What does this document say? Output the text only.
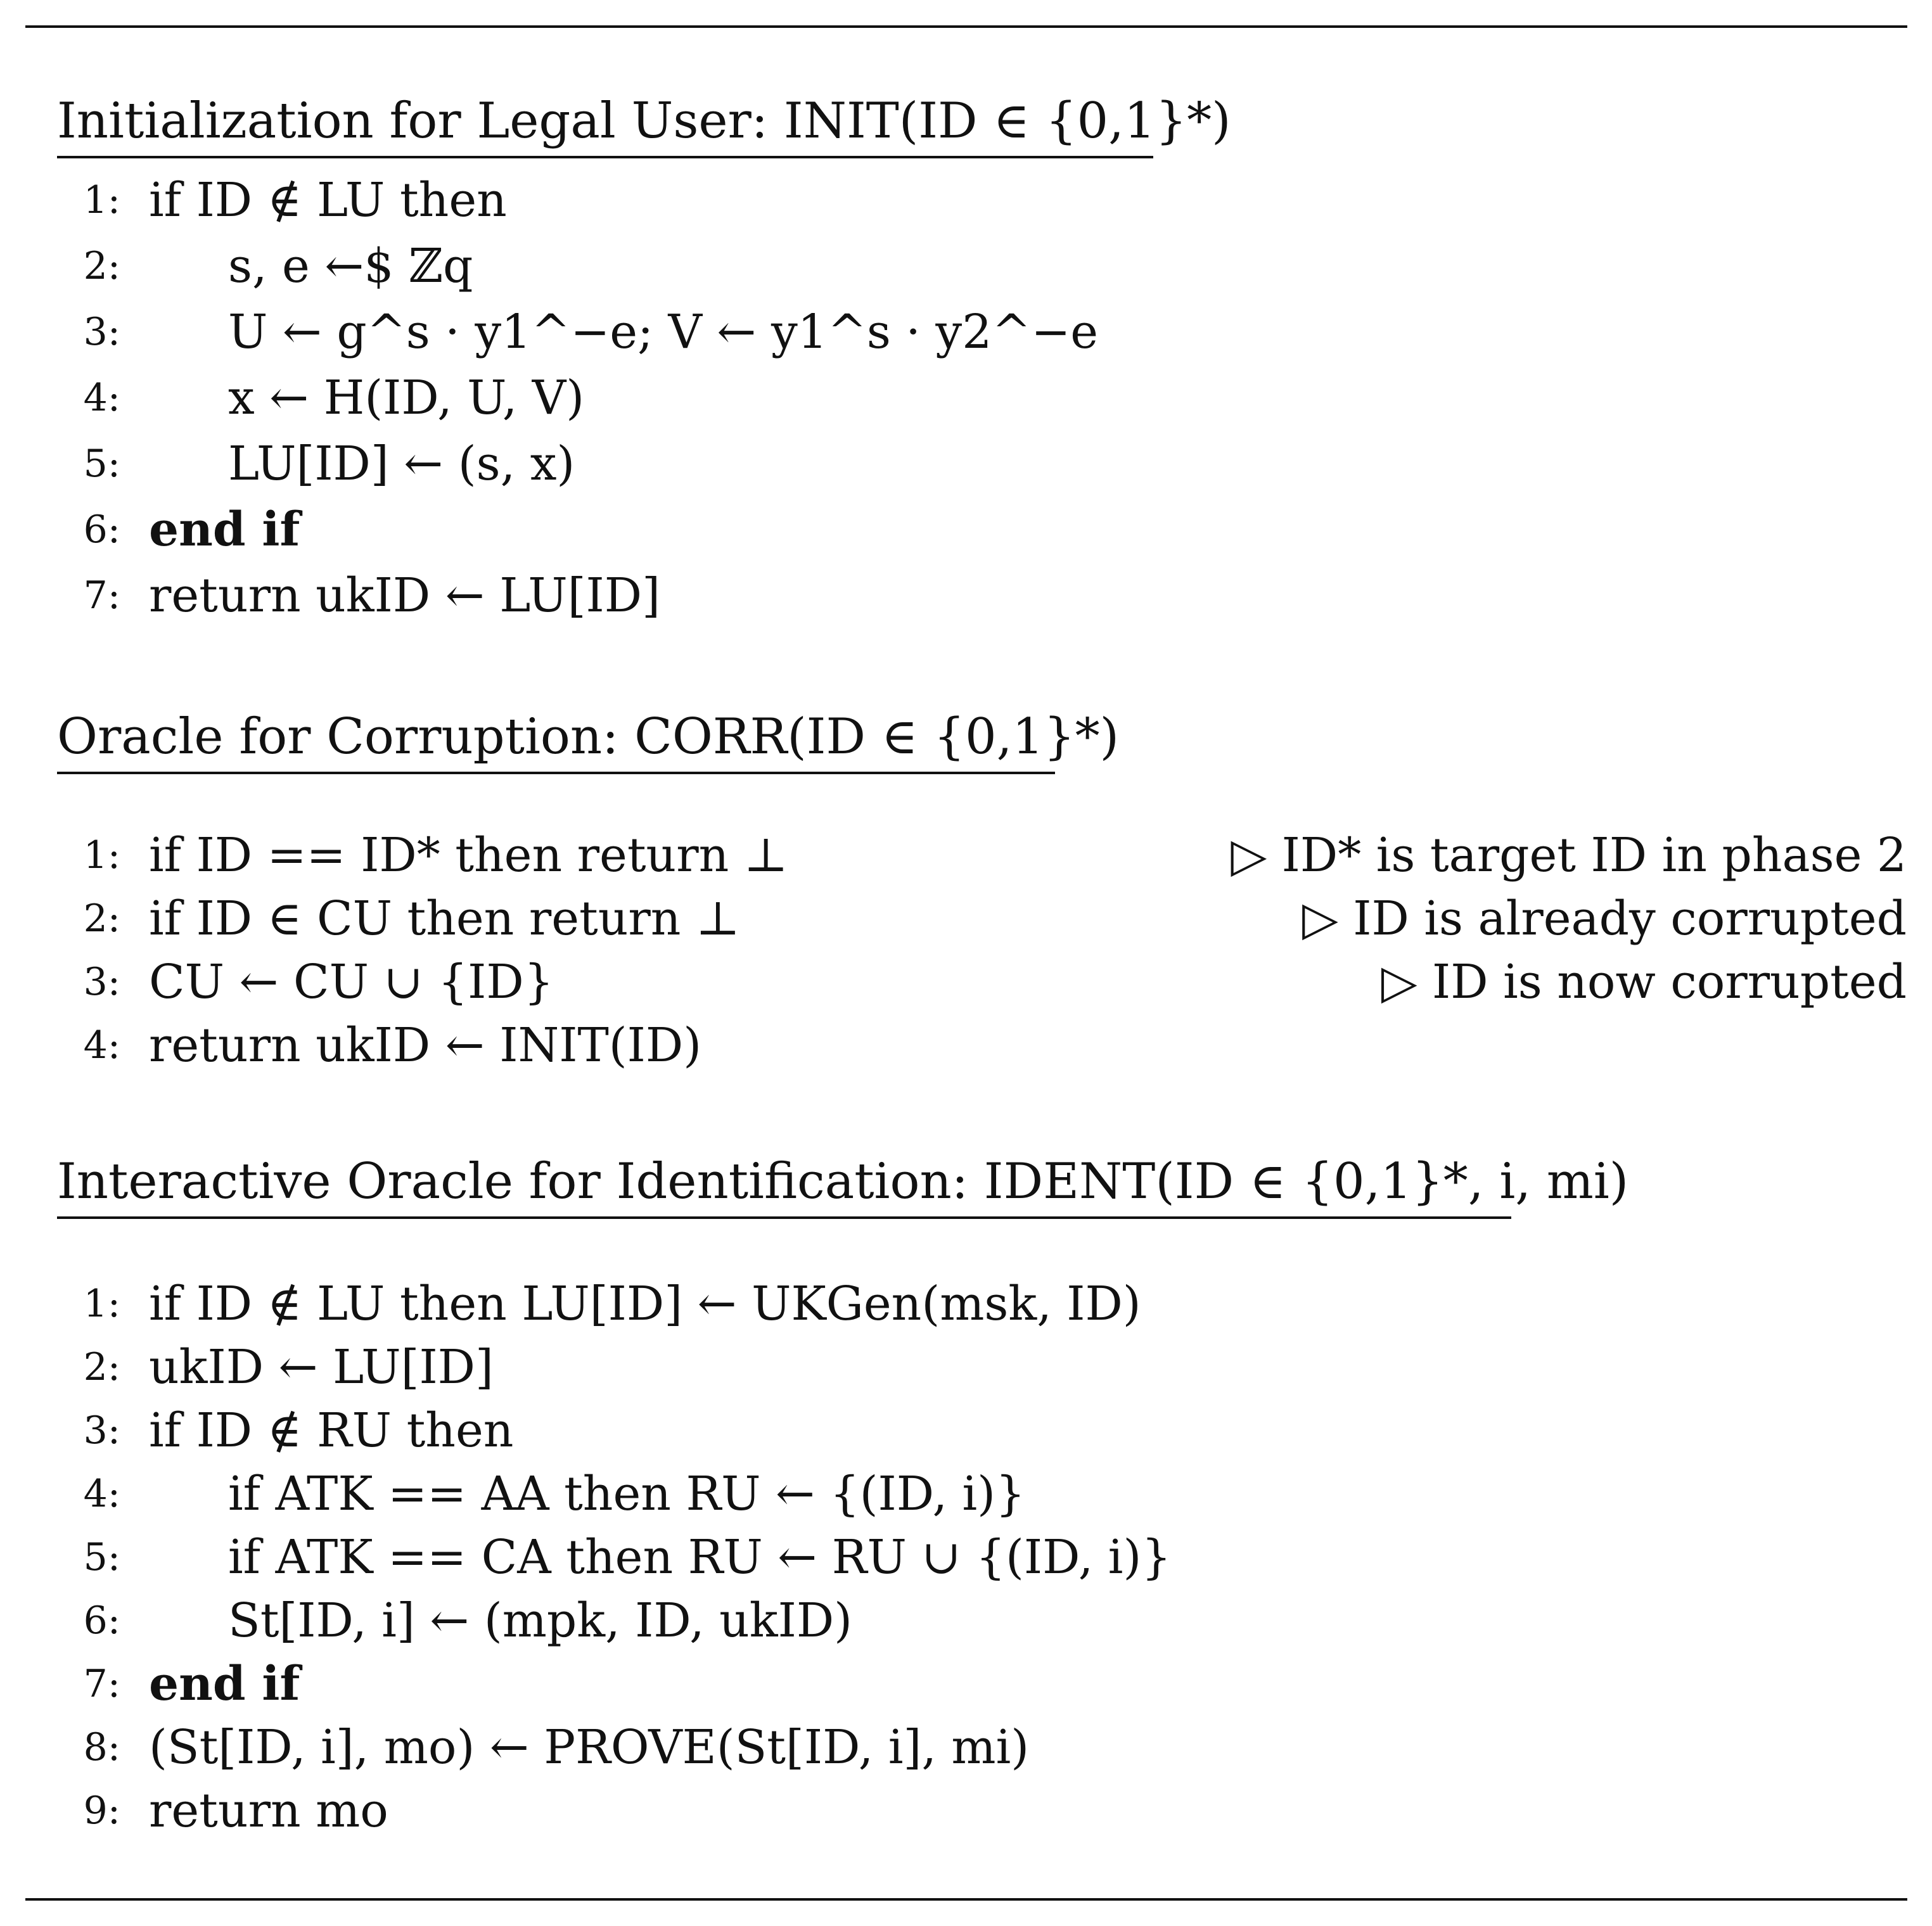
Initialization for Legal User: INIT(ID ∈ {0,1}*)
1: if ID ∉ LU then
2: s, e ←$ ℤq
3: U ← g^s · y1^−e; V ← y1^s · y2^−e
4: x ← H(ID, U, V)
5: LU[ID] ← (s, x)
6: end if
7: return ukID ← LU[ID]
Oracle for Corruption: CORR(ID ∈ {0,1}*)
1: if ID == ID* then return ⊥	▷ ID* is target ID in phase 2
2: if ID ∈ CU then return ⊥	▷ ID is already corrupted
3: CU ← CU ∪ {ID}	▷ ID is now corrupted
4: return ukID ← INIT(ID)
Interactive Oracle for Identification: IDENT(ID ∈ {0,1}*, i, mi)
1: if ID ∉ LU then LU[ID] ← UKGen(msk, ID)
2: ukID ← LU[ID]
3: if ID ∉ RU then
4: if ATK == AA then RU ← {(ID, i)}
5: if ATK == CA then RU ← RU ∪ {(ID, i)}
6: St[ID, i] ← (mpk, ID, ukID)
7: end if
8: (St[ID, i], mo) ← PROVE(St[ID, i], mi)
9: return mo
